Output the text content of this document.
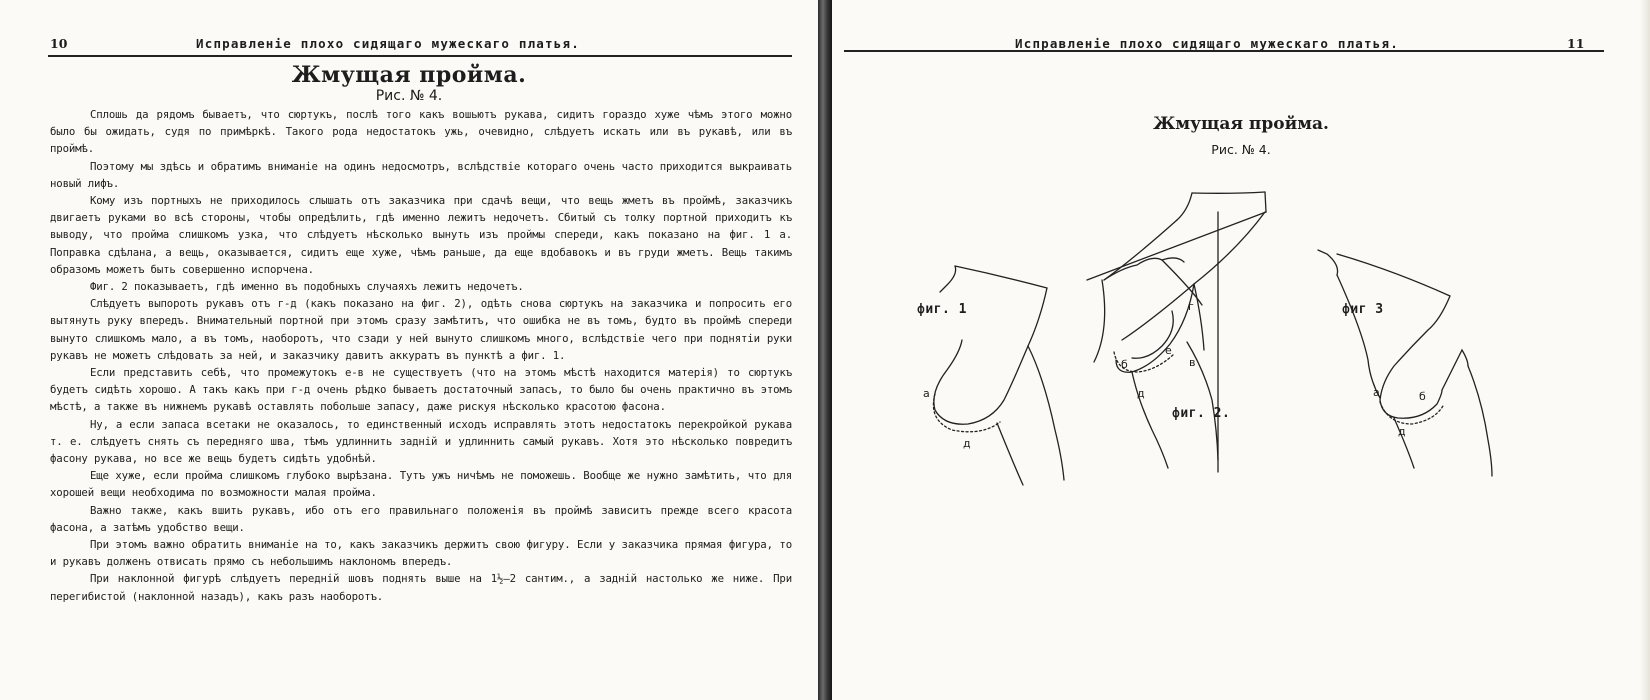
10	Исправленіе плохо сидящаго мужескаго платья.
Жмущая пройма.
Рис. № 4.

Сплошь да рядомъ бываетъ, что сюртукъ, послѣ того какъ вошьютъ рукава, сидитъ гораздо хуже чѣмъ этого можно было бы ожидать, судя по примѣркѣ. Такого рода недостатокъ ужь, очевидно, слѣдуетъ искать или въ рукавѣ, или въ проймѣ.

Поэтому мы здѣсь и обратимъ вниманіе на одинъ недосмотръ, вслѣдствіе котораго очень часто приходится выкраивать новый лифъ.

Кому изъ портныхъ не приходилось слышать отъ заказчика при сдачѣ вещи, что вещь жметъ въ проймѣ, заказчикъ двигаетъ руками во всѣ стороны, чтобы опредѣлить, гдѣ именно лежитъ недочетъ. Сбитый съ толку портной приходитъ къ выводу, что пройма слишкомъ узка, что слѣдуетъ нѣсколько вынуть изъ проймы спереди, какъ показано на фиг. 1 а. Поправка сдѣлана, а вещь, оказывается, сидитъ еще хуже, чѣмъ раньше, да еще вдобавокъ и въ груди жметъ. Вещь такимъ образомъ можетъ быть совершенно испорчена.

Фиг. 2 показываетъ, гдѣ именно въ подобныхъ случаяхъ лежитъ недочетъ.

Слѣдуетъ выпороть рукавъ отъ г-д (какъ показано на фиг. 2), одѣть снова сюртукъ на заказчика и попросить его вытянуть руку впередъ. Внимательный портной при этомъ сразу замѣтитъ, что ошибка не въ томъ, будто въ проймѣ спереди вынуто слишкомъ мало, а въ томъ, наоборотъ, что сзади у ней вынуто слишкомъ много, вслѣдствіе чего при поднятіи руки рукавъ не можетъ слѣдовать за ней, и заказчику давитъ аккуратъ въ пунктѣ а фиг. 1.

Если представить себѣ, что промежутокъ е-в не существуетъ (что на этомъ мѣстѣ находится матерія) то сюртукъ будетъ сидѣть хорошо. А такъ какъ при г-д очень рѣдко бываетъ достаточный запасъ, то было бы очень практично въ этомъ мѣстѣ, а также въ нижнемъ рукавѣ оставлять побольше запасу, даже рискуя нѣсколько красотою фасона.

Ну, а если запаса всетаки не оказалось, то единственный исходъ исправлять этотъ недостатокъ перекройкой рукава т. е. слѣдуетъ снять съ передняго шва, тѣмъ удлиннить задній и удлиннить самый рукавъ. Хотя это нѣсколько повредитъ фасону рукава, но все же вещь будетъ сидѣть удобнѣй.

Еще хуже, если пройма слишкомъ глубоко вырѣзана. Тутъ ужъ ничѣмъ не поможешь. Вообще же нужно замѣтить, что для хорошей вещи необходима по возможности малая пройма.

Важно также, какъ вшить рукавъ, ибо отъ его правильнаго положенія въ проймѣ зависитъ прежде всего красота фасона, а затѣмъ удобство вещи.

При этомъ важно обратить вниманіе на то, какъ заказчикъ держитъ свою фигуру. Если у заказчика прямая фигура, то и рукавъ долженъ отвисать прямо съ небольшимъ наклономъ впередъ.

При наклонной фигурѣ слѣдуетъ передній шовъ поднять выше на 1½—2 сантим., а задній настолько же ниже. При перегибистой (наклонной назадъ), какъ разъ наоборотъ.

Исправленіе плохо сидящаго мужескаго платья.	11
Жмущая пройма.
Рис. № 4.
фиг. 1
фиг. 2.
фиг 3
а
д
г
е
в
б
д	а	б
д
